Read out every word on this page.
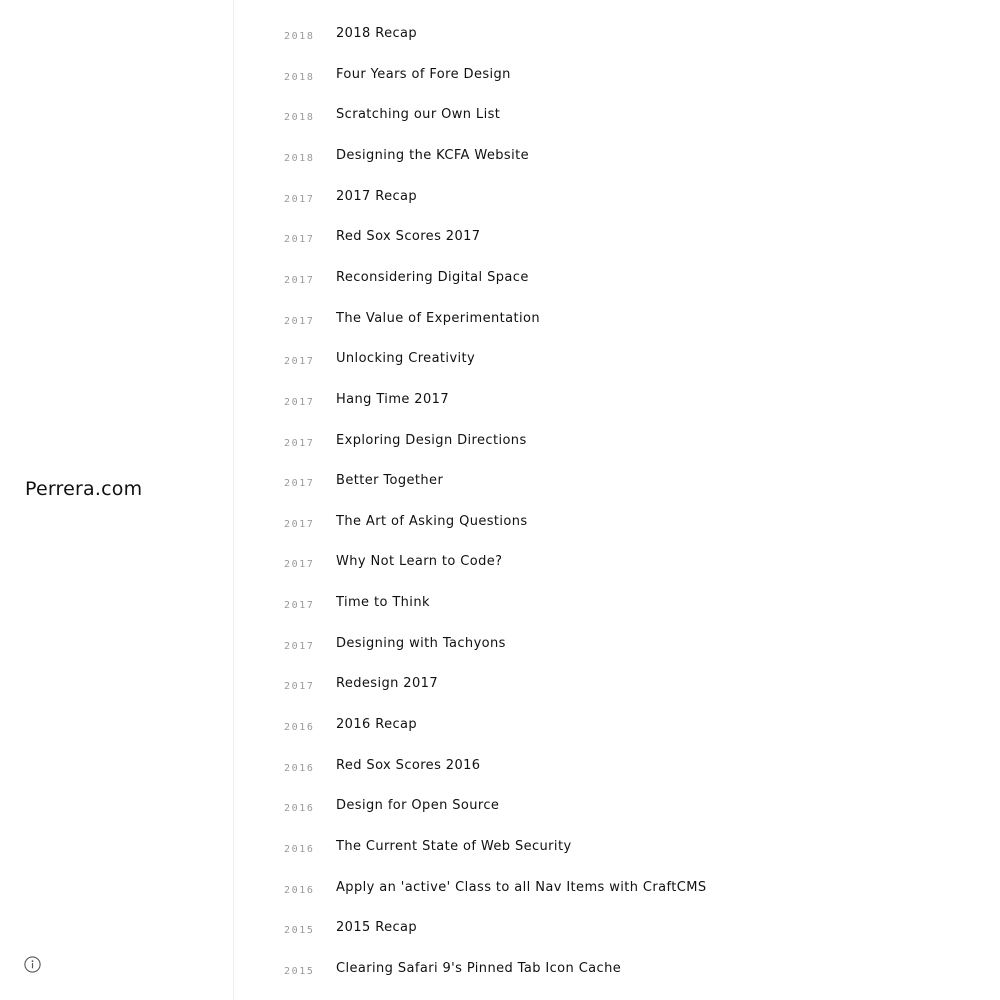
Perrera.com
2018 2018 Recap
2018 Four Years of Fore Design
2018 Scratching our Own List
2018 Designing the KCFA Website
2017 2017 Recap
2017 Red Sox Scores 2017
2017 Reconsidering Digital Space
2017 The Value of Experimentation
2017 Unlocking Creativity
2017 Hang Time 2017
2017 Exploring Design Directions
2017 Better Together
2017 The Art of Asking Questions
2017 Why Not Learn to Code?
2017 Time to Think
2017 Designing with Tachyons
2017 Redesign 2017
2016 2016 Recap
2016 Red Sox Scores 2016
2016 Design for Open Source
2016 The Current State of Web Security
2016 Apply an 'active' Class to all Nav Items with CraftCMS
2015 2015 Recap
2015 Clearing Safari 9's Pinned Tab Icon Cache
